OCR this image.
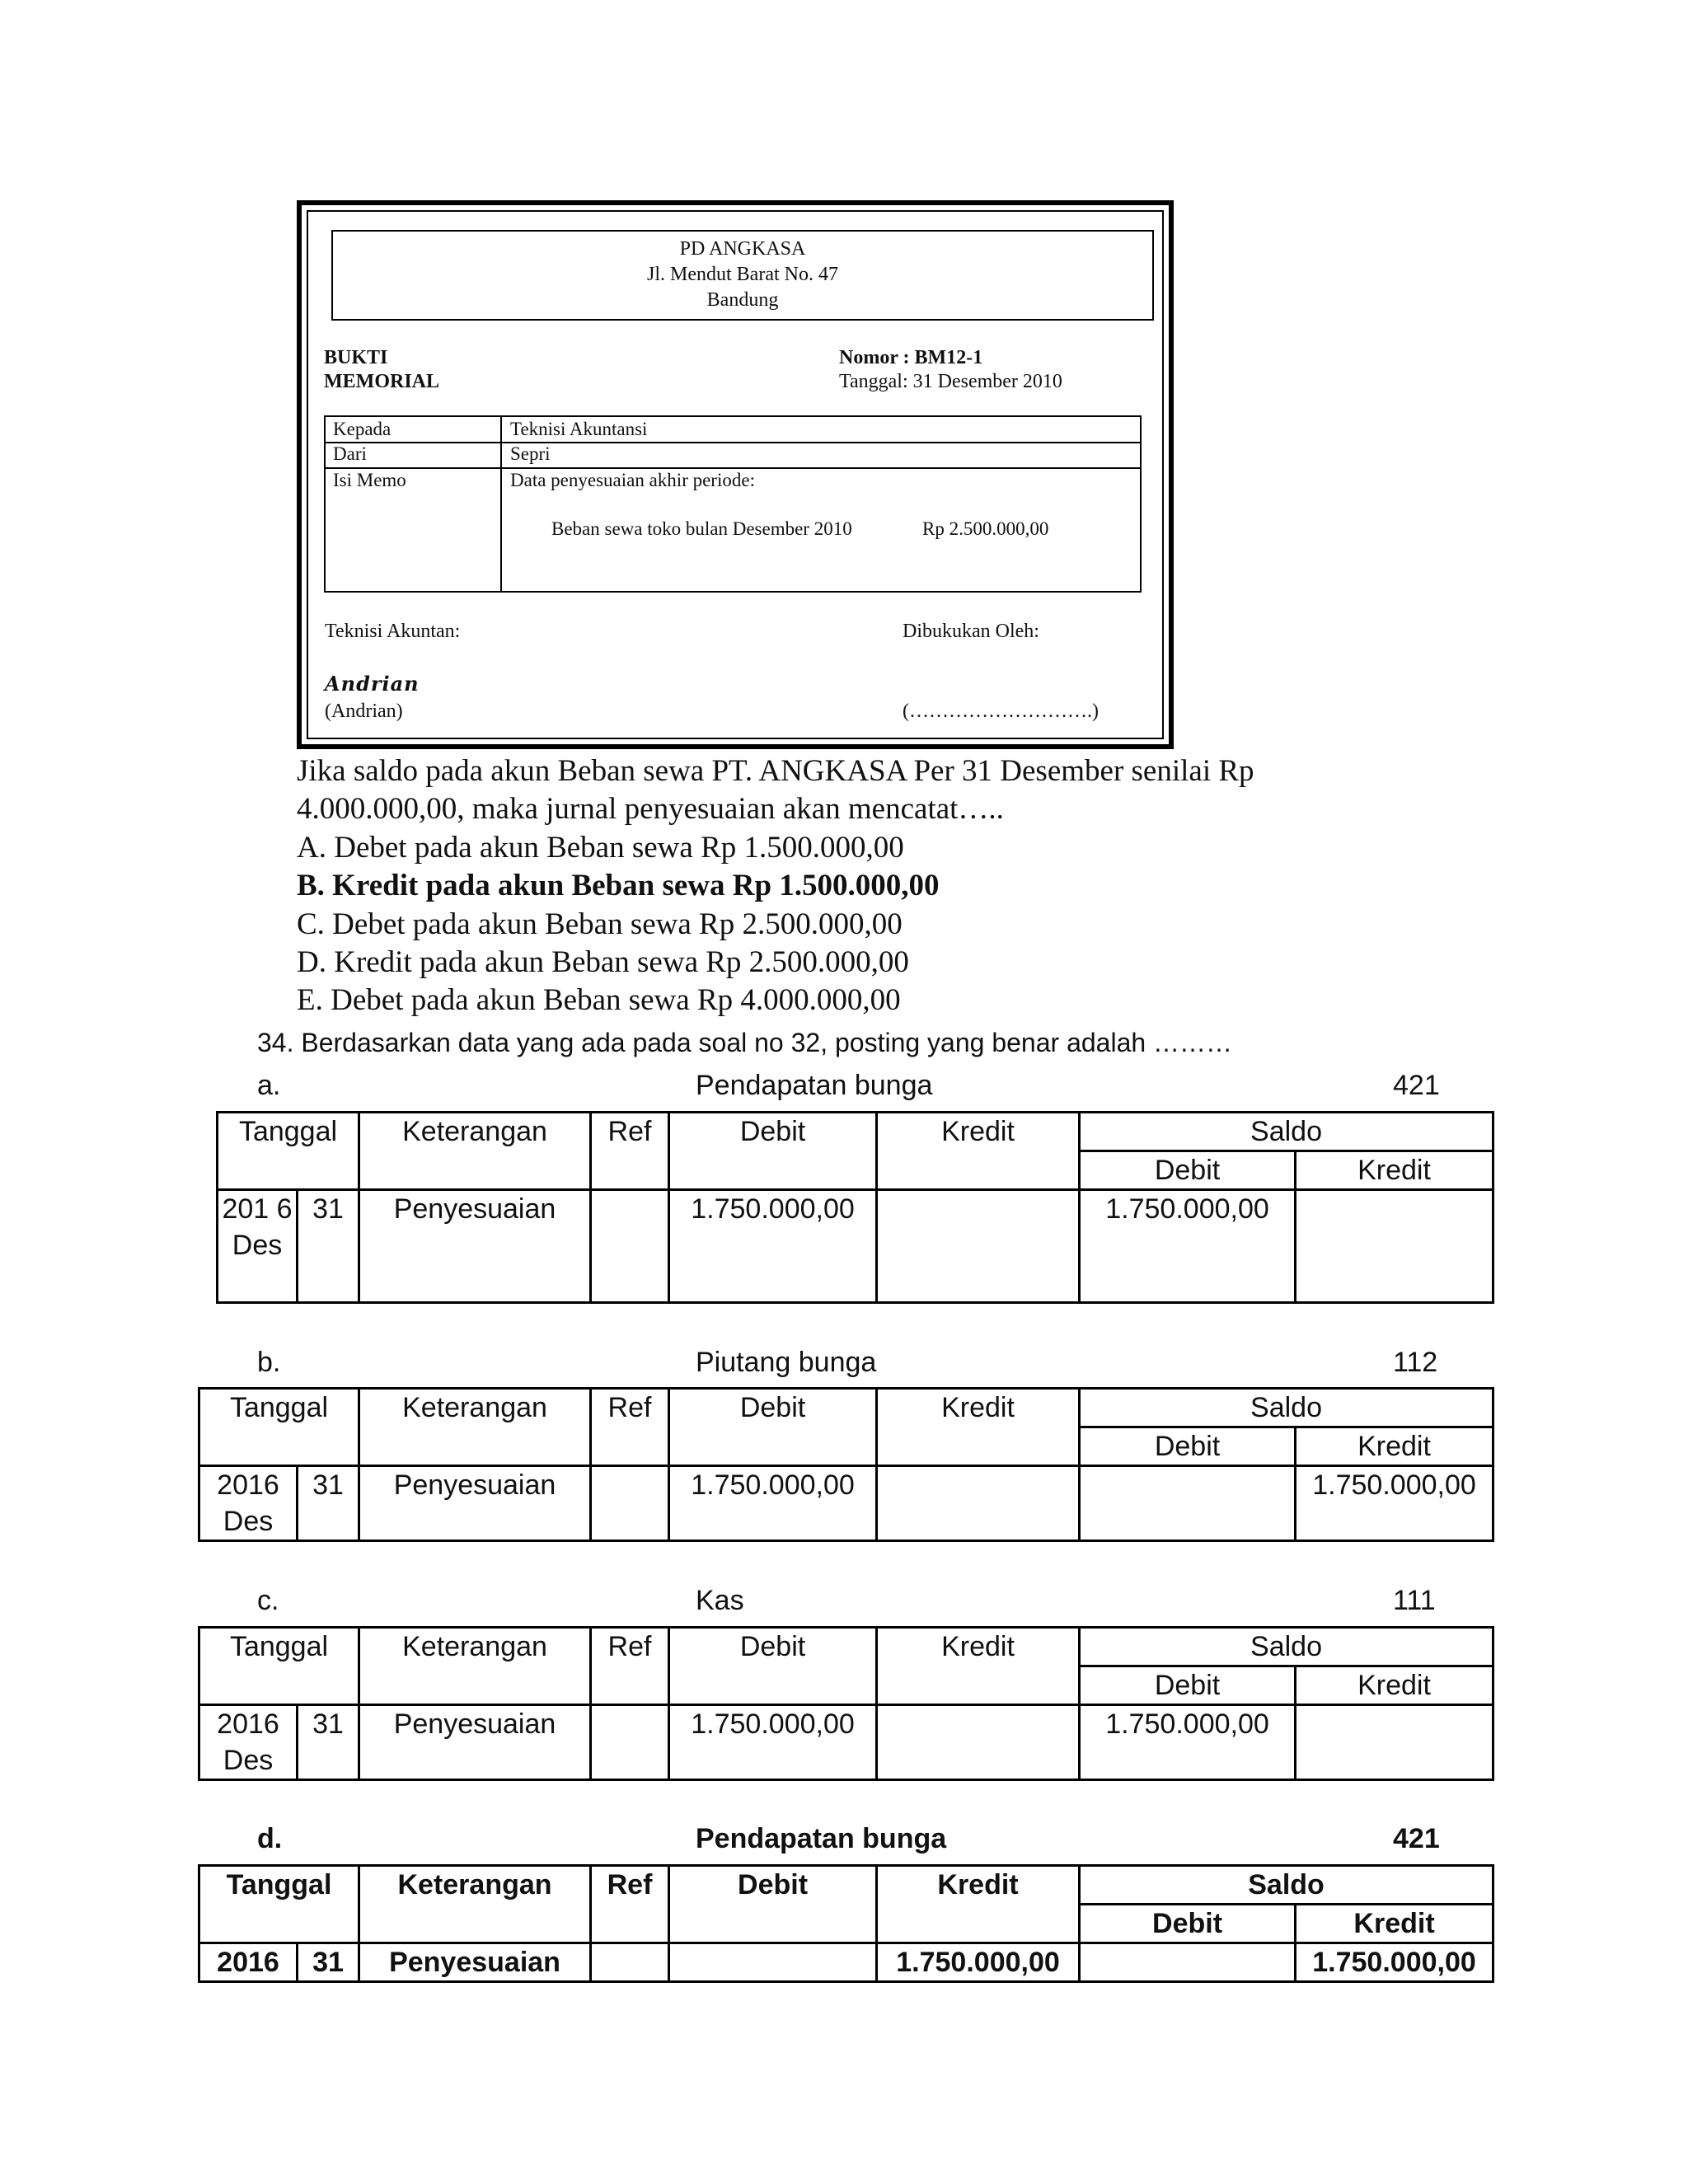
PD ANGKASA
Jl. Mendut Barat No. 47
Bandung
BUKTI
MEMORIAL
Nomor : BM12-1
Tanggal: 31 Desember 2010
Kepada	Teknisi Akuntansi
Dari	Sepri
Isi Memo	Data penyesuaian akhir periode:
Beban sewa toko bulan Desember 2010	Rp 2.500.000,00
Teknisi Akuntan:	Dibukukan Oleh:
Andrian
(Andrian)	(……………………….)
Jika saldo pada akun Beban sewa PT. ANGKASA Per 31 Desember senilai Rp
4.000.000,00, maka jurnal penyesuaian akan mencatat…..
A. Debet pada akun Beban sewa Rp 1.500.000,00
B. Kredit pada akun Beban sewa Rp 1.500.000,00
C. Debet pada akun Beban sewa Rp 2.500.000,00
D. Kredit pada akun Beban sewa Rp 2.500.000,00
E. Debet pada akun Beban sewa Rp 4.000.000,00
34. Berdasarkan data yang ada pada soal no 32, posting yang benar adalah ………
a.	Pendapatan bunga	421
Tanggal		Keterangan	Ref	Debit	Kredit	Saldo	
						Debit	Kredit
201 6 Des	31	Penyesuaian		1.750.000,00		1.750.000,00	
b.	Piutang bunga	112
Tanggal		Keterangan	Ref	Debit	Kredit	Saldo	
						Debit	Kredit
2016 Des	31	Penyesuaian		1.750.000,00			1.750.000,00
c.	Kas	111
Tanggal		Keterangan	Ref	Debit	Kredit	Saldo	
						Debit	Kredit
2016 Des	31	Penyesuaian		1.750.000,00		1.750.000,00	
d.	Pendapatan bunga	421
Tanggal		Keterangan	Ref	Debit	Kredit	Saldo	
						Debit	Kredit
2016	31	Penyesuaian			1.750.000,00		1.750.000,00
